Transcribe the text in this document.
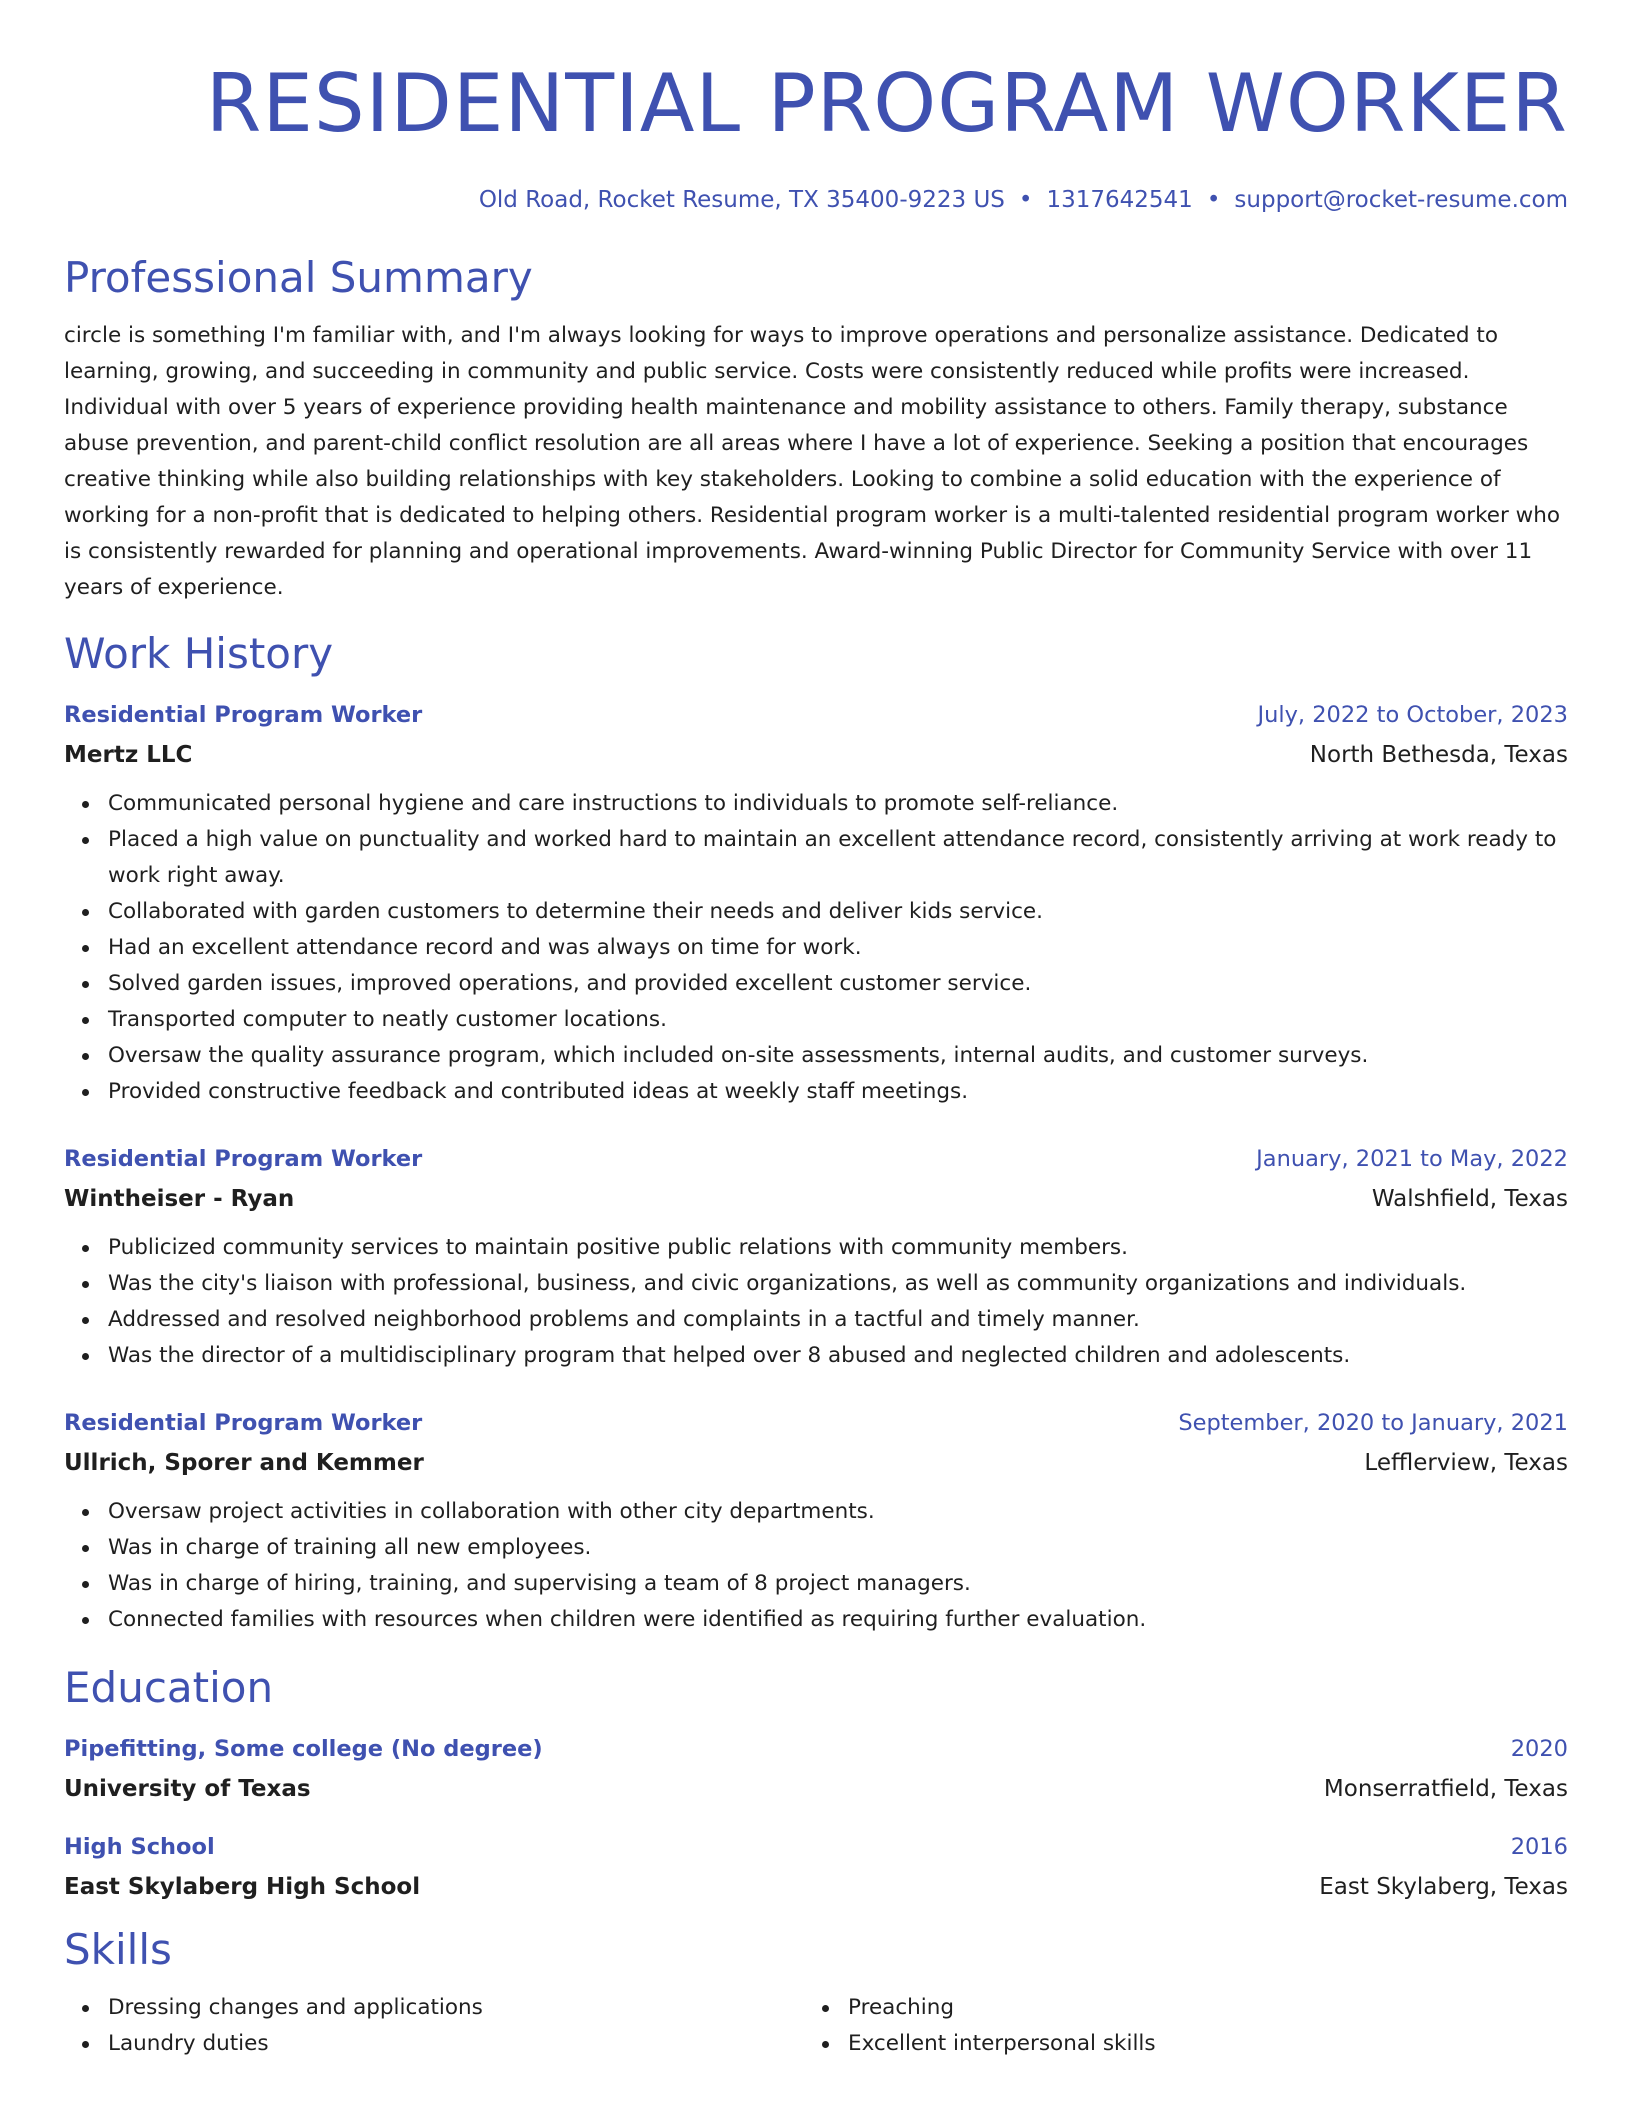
RESIDENTIAL PROGRAM WORKER
Old Road, Rocket Resume, TX 35400-9223 US • 1317642541 • support@rocket-resume.com
Professional Summary
circle is something I'm familiar with, and I'm always looking for ways to improve operations and personalize assistance. Dedicated to learning, growing, and succeeding in community and public service. Costs were consistently reduced while profits were increased. Individual with over 5 years of experience providing health maintenance and mobility assistance to others. Family therapy, substance abuse prevention, and parent-child conflict resolution are all areas where I have a lot of experience. Seeking a position that encourages creative thinking while also building relationships with key stakeholders. Looking to combine a solid education with the experience of working for a non-profit that is dedicated to helping others. Residential program worker is a multi-talented residential program worker who is consistently rewarded for planning and operational improvements. Award-winning Public Director for Community Service with over 11 years of experience.
Work History
Residential Program Worker	July, 2022 to October, 2023
Mertz LLC	North Bethesda, Texas
Communicated personal hygiene and care instructions to individuals to promote self-reliance.
Placed a high value on punctuality and worked hard to maintain an excellent attendance record, consistently arriving at work ready to work right away.
Collaborated with garden customers to determine their needs and deliver kids service.
Had an excellent attendance record and was always on time for work.
Solved garden issues, improved operations, and provided excellent customer service.
Transported computer to neatly customer locations.
Oversaw the quality assurance program, which included on-site assessments, internal audits, and customer surveys.
Provided constructive feedback and contributed ideas at weekly staff meetings.
Residential Program Worker	January, 2021 to May, 2022
Wintheiser - Ryan	Walshfield, Texas
Publicized community services to maintain positive public relations with community members.
Was the city's liaison with professional, business, and civic organizations, as well as community organizations and individuals.
Addressed and resolved neighborhood problems and complaints in a tactful and timely manner.
Was the director of a multidisciplinary program that helped over 8 abused and neglected children and adolescents.
Residential Program Worker	September, 2020 to January, 2021
Ullrich, Sporer and Kemmer	Lefflerview, Texas
Oversaw project activities in collaboration with other city departments.
Was in charge of training all new employees.
Was in charge of hiring, training, and supervising a team of 8 project managers.
Connected families with resources when children were identified as requiring further evaluation.
Education
Pipefitting, Some college (No degree)	2020
University of Texas	Monserratfield, Texas
High School	2016
East Skylaberg High School	East Skylaberg, Texas
Skills
Dressing changes and applications
Laundry duties
Preaching
Excellent interpersonal skills
